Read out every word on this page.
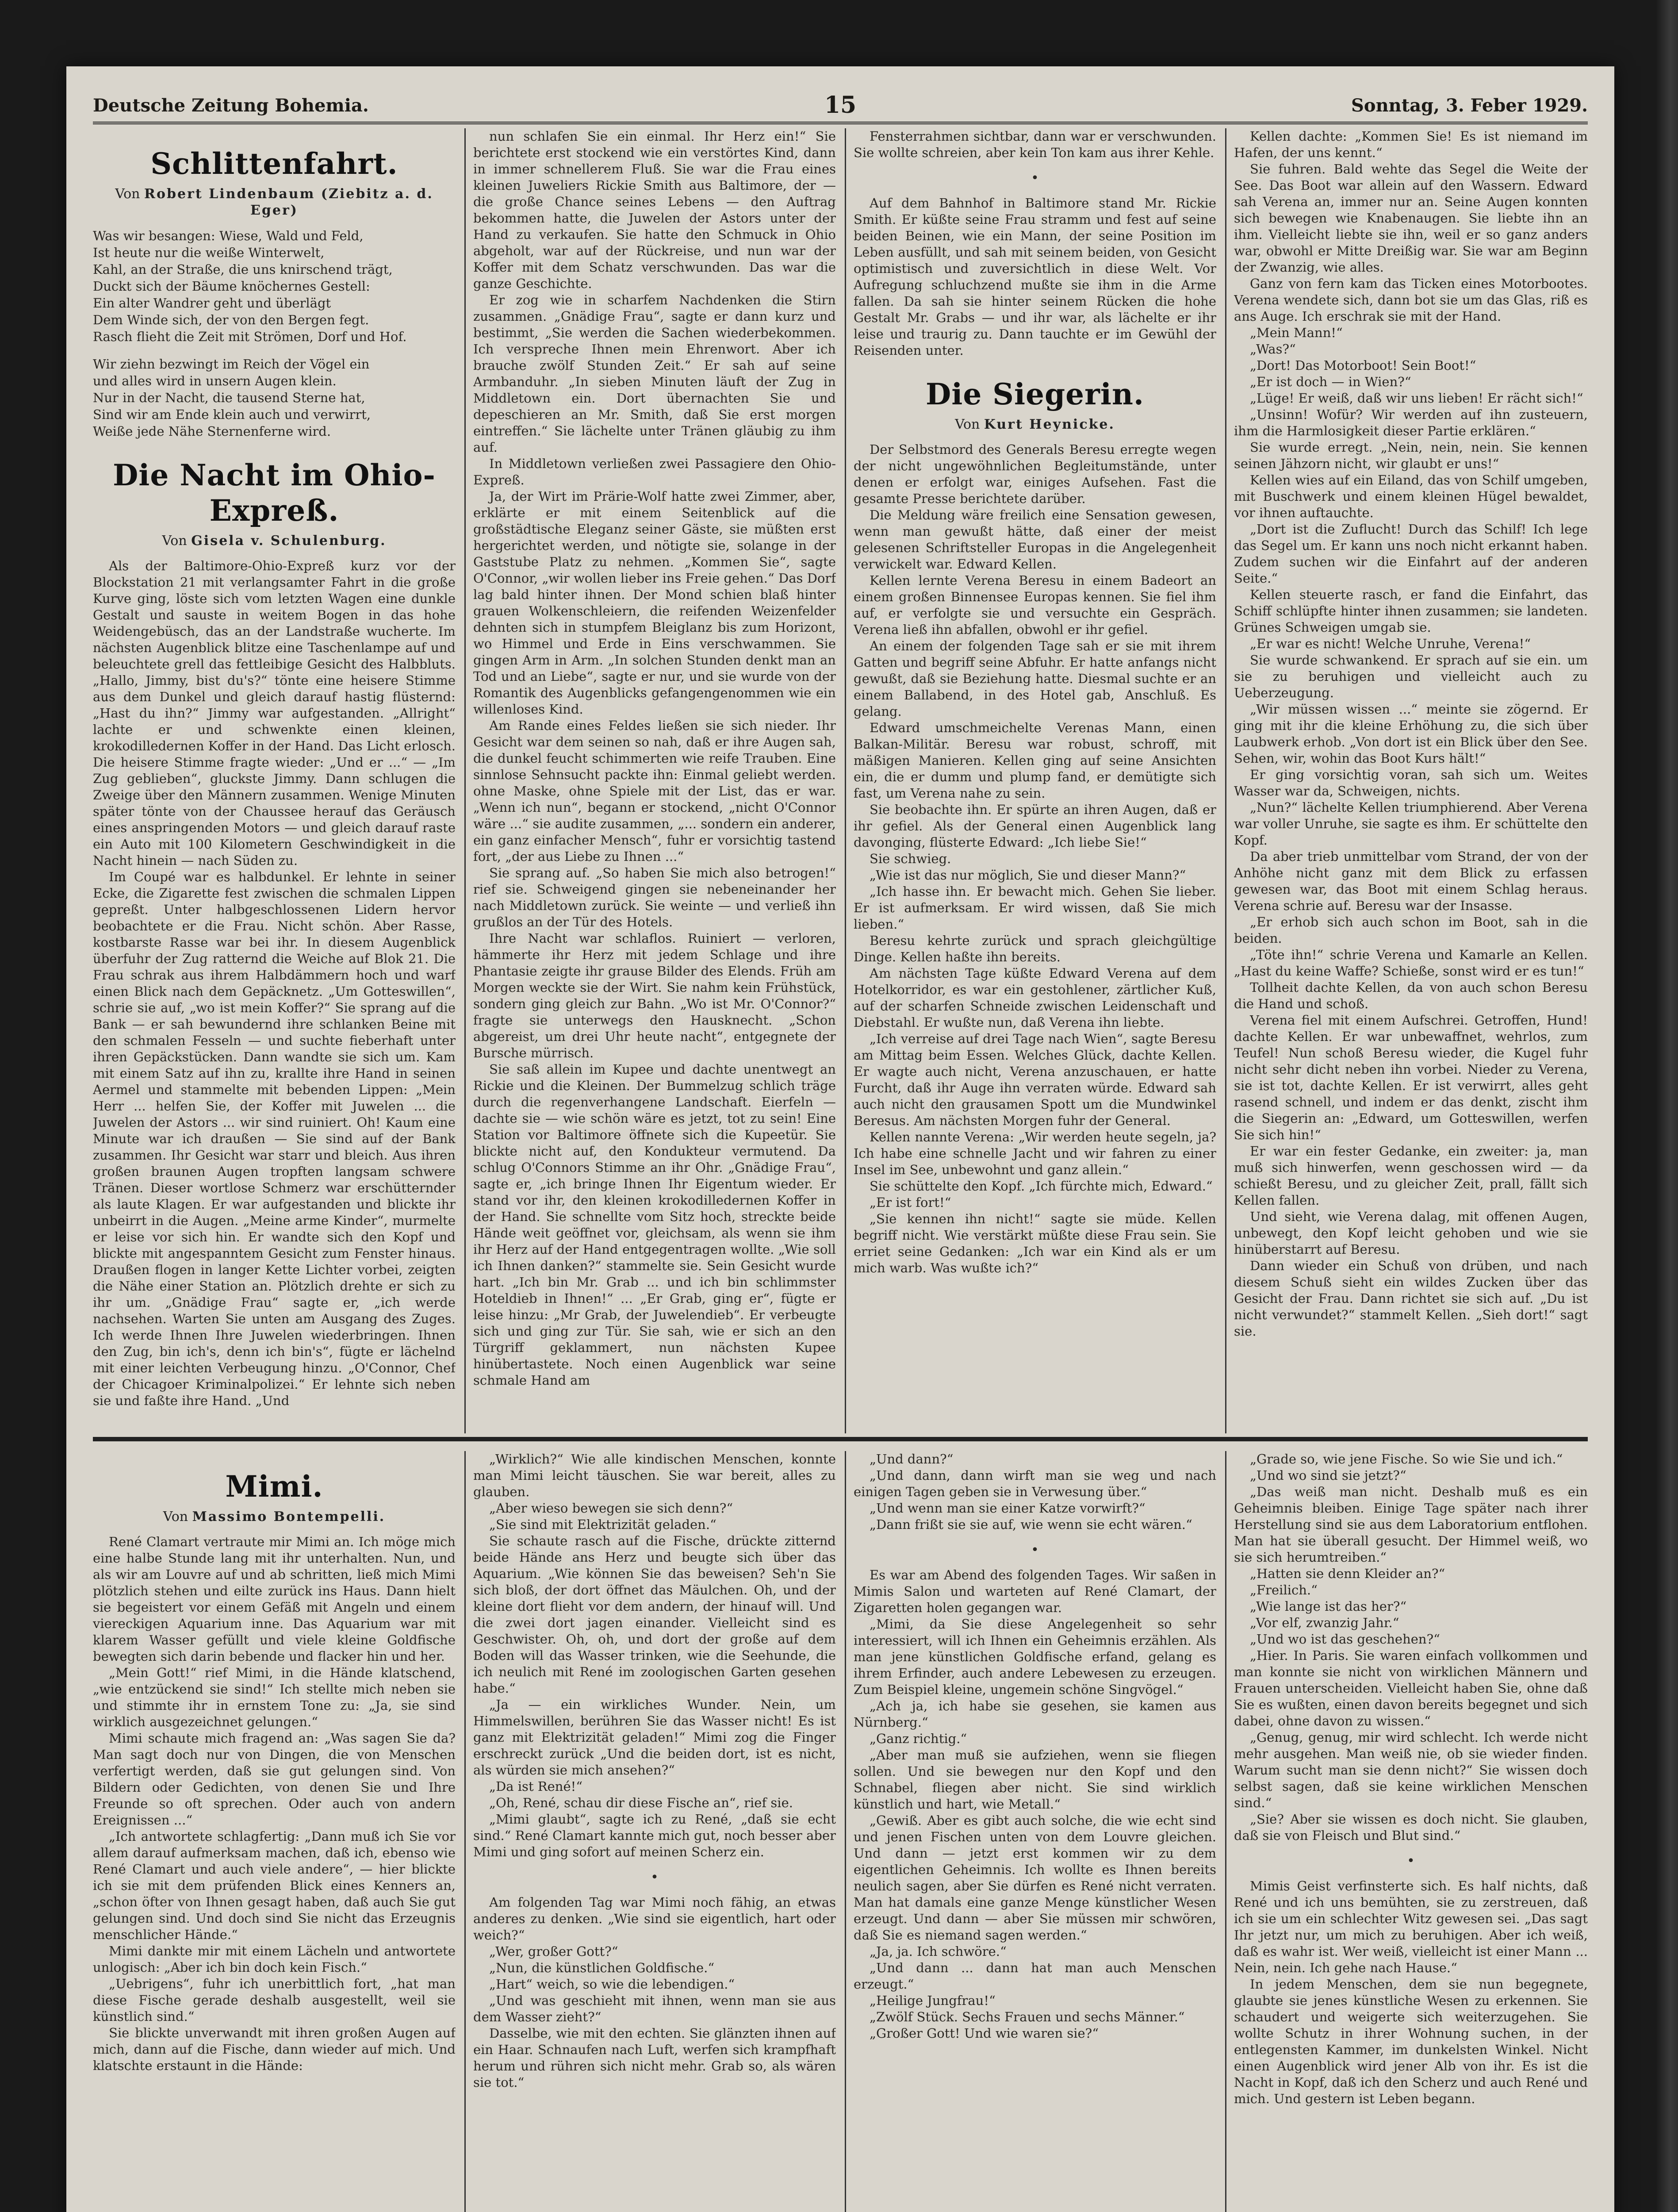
Deutsche Zeitung Bohemia.	15	Sonntag, 3. Feber 1929.
Schlittenfahrt.
Von Robert Lindenbaum (Ziebitz a. d. Eger)
Was wir besangen: Wiese, Wald und Feld,
Ist heute nur die weiße Winterwelt,
Kahl, an der Straße, die uns knirschend trägt,
Duckt sich der Bäume knöchernes Gestell:
Ein alter Wandrer geht und überlägt
Dem Winde sich, der von den Bergen fegt.
Rasch flieht die Zeit mit Strömen, Dorf und Hof.
Wir ziehn bezwingt im Reich der Vögel ein
und alles wird in unsern Augen klein.
Nur in der Nacht, die tausend Sterne hat,
Sind wir am Ende klein auch und verwirrt,
Weiße jede Nähe Sternenferne wird.
Die Nacht im Ohio-Expreß.
Von Gisela v. Schulenburg.

Als der Baltimore-Ohio-Expreß kurz vor der Blockstation 21 mit verlangsamter Fahrt in die große Kurve ging, löste sich vom letzten Wagen eine dunkle Gestalt und sauste in weitem Bogen in das hohe Weidengebüsch, das an der Landstraße wucherte. Im nächsten Augenblick blitze eine Taschenlampe auf und beleuchtete grell das fettleibige Gesicht des Halbbluts. „Hallo, Jimmy, bist du's?“ tönte eine heisere Stimme aus dem Dunkel und gleich darauf hastig flüsternd: „Hast du ihn?“ Jimmy war aufgestanden. „Allright“ lachte er und schwenkte einen kleinen, krokodilledernen Koffer in der Hand. Das Licht erlosch. Die heisere Stimme fragte wieder: „Und er ...“ — „Im Zug geblieben“, gluckste Jimmy. Dann schlugen die Zweige über den Männern zusammen. Wenige Minuten später tönte von der Chaussee herauf das Geräusch eines anspringenden Motors — und gleich darauf raste ein Auto mit 100 Kilometern Geschwindigkeit in die Nacht hinein — nach Süden zu.

Im Coupé war es halbdunkel. Er lehnte in seiner Ecke, die Zigarette fest zwischen die schmalen Lippen gepreßt. Unter halbgeschlossenen Lidern hervor beobachtete er die Frau. Nicht schön. Aber Rasse, kostbarste Rasse war bei ihr. In diesem Augenblick überfuhr der Zug ratternd die Weiche auf Blok 21. Die Frau schrak aus ihrem Halbdämmern hoch und warf einen Blick nach dem Gepäcknetz. „Um Gotteswillen“, schrie sie auf, „wo ist mein Koffer?“ Sie sprang auf die Bank — er sah bewundernd ihre schlanken Beine mit den schmalen Fesseln — und suchte fieberhaft unter ihren Gepäckstücken. Dann wandte sie sich um. Kam mit einem Satz auf ihn zu, krallte ihre Hand in seinen Aermel und stammelte mit bebenden Lippen: „Mein Herr ... helfen Sie, der Koffer mit Juwelen ... die Juwelen der Astors ... wir sind ruiniert. Oh! Kaum eine Minute war ich draußen — Sie sind auf der Bank zusammen. Ihr Gesicht war starr und bleich. Aus ihren großen braunen Augen tropften langsam schwere Tränen. Dieser wortlose Schmerz war erschütternder als laute Klagen. Er war aufgestanden und blickte ihr unbeirrt in die Augen. „Meine arme Kinder“, murmelte er leise vor sich hin. Er wandte sich den Kopf und blickte mit angespanntem Gesicht zum Fenster hinaus. Draußen flogen in langer Kette Lichter vorbei, zeigten die Nähe einer Station an. Plötzlich drehte er sich zu ihr um. „Gnädige Frau“ sagte er, „ich werde nachsehen. Warten Sie unten am Ausgang des Zuges. Ich werde Ihnen Ihre Juwelen wiederbringen. Ihnen den Zug, bin ich's, denn ich bin's“, fügte er lächelnd mit einer leichten Verbeugung hinzu. „O'Connor, Chef der Chicagoer Kriminalpolizei.“ Er lehnte sich neben sie und faßte ihre Hand. „Und

nun schlafen Sie ein einmal. Ihr Herz ein!“ Sie berichtete erst stockend wie ein verstörtes Kind, dann in immer schnellerem Fluß. Sie war die Frau eines kleinen Juweliers Rickie Smith aus Baltimore, der — die große Chance seines Lebens — den Auftrag bekommen hatte, die Juwelen der Astors unter der Hand zu verkaufen. Sie hatte den Schmuck in Ohio abgeholt, war auf der Rückreise, und nun war der Koffer mit dem Schatz verschwunden. Das war die ganze Geschichte.

Er zog wie in scharfem Nachdenken die Stirn zusammen. „Gnädige Frau“, sagte er dann kurz und bestimmt, „Sie werden die Sachen wiederbekommen. Ich verspreche Ihnen mein Ehrenwort. Aber ich brauche zwölf Stunden Zeit.“ Er sah auf seine Armbanduhr. „In sieben Minuten läuft der Zug in Middletown ein. Dort übernachten Sie und depeschieren an Mr. Smith, daß Sie erst morgen eintreffen.“ Sie lächelte unter Tränen gläubig zu ihm auf.

In Middletown verließen zwei Passagiere den Ohio-Expreß.

Ja, der Wirt im Prärie-Wolf hatte zwei Zimmer, aber, erklärte er mit einem Seitenblick auf die großstädtische Eleganz seiner Gäste, sie müßten erst hergerichtet werden, und nötigte sie, solange in der Gaststube Platz zu nehmen. „Kommen Sie“, sagte O'Connor, „wir wollen lieber ins Freie gehen.“ Das Dorf lag bald hinter ihnen. Der Mond schien blaß hinter grauen Wolkenschleiern, die reifenden Weizenfelder dehnten sich in stumpfem Bleiglanz bis zum Horizont, wo Himmel und Erde in Eins verschwammen. Sie gingen Arm in Arm. „In solchen Stunden denkt man an Tod und an Liebe“, sagte er nur, und sie wurde von der Romantik des Augenblicks gefangengenommen wie ein willenloses Kind.

Am Rande eines Feldes ließen sie sich nieder. Ihr Gesicht war dem seinen so nah, daß er ihre Augen sah, die dunkel feucht schimmerten wie reife Trauben. Eine sinnlose Sehnsucht packte ihn: Einmal geliebt werden. ohne Maske, ohne Spiele mit der List, das er war. „Wenn ich nun“, begann er stockend, „nicht O'Connor wäre ...“ sie audite zusammen, „... sondern ein anderer, ein ganz einfacher Mensch“, fuhr er vorsichtig tastend fort, „der aus Liebe zu Ihnen ...“

Sie sprang auf. „So haben Sie mich also betrogen!“ rief sie. Schweigend gingen sie nebeneinander her nach Middletown zurück. Sie weinte — und verließ ihn grußlos an der Tür des Hotels.

Ihre Nacht war schlaflos. Ruiniert — verloren, hämmerte ihr Herz mit jedem Schlage und ihre Phantasie zeigte ihr grause Bilder des Elends. Früh am Morgen weckte sie der Wirt. Sie nahm kein Frühstück, sondern ging gleich zur Bahn. „Wo ist Mr. O'Connor?“ fragte sie unterwegs den Hausknecht. „Schon abgereist, um drei Uhr heute nacht“, entgegnete der Bursche mürrisch.

Sie saß allein im Kupee und dachte unentwegt an Rickie und die Kleinen. Der Bummelzug schlich träge durch die regenverhangene Landschaft. Eierfeln — dachte sie — wie schön wäre es jetzt, tot zu sein! Eine Station vor Baltimore öffnete sich die Kupeetür. Sie blickte nicht auf, den Kondukteur vermutend. Da schlug O'Connors Stimme an ihr Ohr. „Gnädige Frau“, sagte er, „ich bringe Ihnen Ihr Eigentum wieder. Er stand vor ihr, den kleinen krokodilledernen Koffer in der Hand. Sie schnellte vom Sitz hoch, streckte beide Hände weit geöffnet vor, gleichsam, als wenn sie ihm ihr Herz auf der Hand entgegentragen wollte. „Wie soll ich Ihnen danken?“ stammelte sie. Sein Gesicht wurde hart. „Ich bin Mr. Grab ... und ich bin schlimmster Hoteldieb in Ihnen!“ ... „Er Grab, ging er“, fügte er leise hinzu: „Mr Grab, der Juwelendieb“. Er verbeugte sich und ging zur Tür. Sie sah, wie er sich an den Türgriff geklammert, nun nächsten Kupee hinübertastete. Noch einen Augenblick war seine schmale Hand am

Fensterrahmen sichtbar, dann war er verschwunden. Sie wollte schreien, aber kein Ton kam aus ihrer Kehle.

•

Auf dem Bahnhof in Baltimore stand Mr. Rickie Smith. Er küßte seine Frau stramm und fest auf seine beiden Beinen, wie ein Mann, der seine Position im Leben ausfüllt, und sah mit seinem beiden, von Gesicht optimistisch und zuversichtlich in diese Welt. Vor Aufregung schluchzend mußte sie ihm in die Arme fallen. Da sah sie hinter seinem Rücken die hohe Gestalt Mr. Grabs — und ihr war, als lächelte er ihr leise und traurig zu. Dann tauchte er im Gewühl der Reisenden unter.

Die Siegerin.
Von Kurt Heynicke.

Der Selbstmord des Generals Beresu erregte wegen der nicht ungewöhnlichen Begleitumstände, unter denen er erfolgt war, einiges Aufsehen. Fast die gesamte Presse berichtete darüber.

Die Meldung wäre freilich eine Sensation gewesen, wenn man gewußt hätte, daß einer der meist gelesenen Schriftsteller Europas in die Angelegenheit verwickelt war. Edward Kellen.

Kellen lernte Verena Beresu in einem Badeort an einem großen Binnensee Europas kennen. Sie fiel ihm auf, er verfolgte sie und versuchte ein Gespräch. Verena ließ ihn abfallen, obwohl er ihr gefiel.

An einem der folgenden Tage sah er sie mit ihrem Gatten und begriff seine Abfuhr. Er hatte anfangs nicht gewußt, daß sie Beziehung hatte. Diesmal suchte er an einem Ballabend, in des Hotel gab, Anschluß. Es gelang.

Edward umschmeichelte Verenas Mann, einen Balkan-Militär. Beresu war robust, schroff, mit mäßigen Manieren. Kellen ging auf seine Ansichten ein, die er dumm und plump fand, er demütigte sich fast, um Verena nahe zu sein.

Sie beobachte ihn. Er spürte an ihren Augen, daß er ihr gefiel. Als der General einen Augenblick lang davonging, flüsterte Edward: „Ich liebe Sie!“

Sie schwieg.

„Wie ist das nur möglich, Sie und dieser Mann?“

„Ich hasse ihn. Er bewacht mich. Gehen Sie lieber. Er ist aufmerksam. Er wird wissen, daß Sie mich lieben.“

Beresu kehrte zurück und sprach gleichgültige Dinge. Kellen haßte ihn bereits.

Am nächsten Tage küßte Edward Verena auf dem Hotelkorridor, es war ein gestohlener, zärtlicher Kuß, auf der scharfen Schneide zwischen Leidenschaft und Diebstahl. Er wußte nun, daß Verena ihn liebte.

„Ich verreise auf drei Tage nach Wien“, sagte Beresu am Mittag beim Essen. Welches Glück, dachte Kellen. Er wagte auch nicht, Verena anzuschauen, er hatte Furcht, daß ihr Auge ihn verraten würde. Edward sah auch nicht den grausamen Spott um die Mundwinkel Beresus. Am nächsten Morgen fuhr der General.

Kellen nannte Verena: „Wir werden heute segeln, ja? Ich habe eine schnelle Jacht und wir fahren zu einer Insel im See, unbewohnt und ganz allein.“

Sie schüttelte den Kopf. „Ich fürchte mich, Edward.“

„Er ist fort!“

„Sie kennen ihn nicht!“ sagte sie müde. Kellen begriff nicht. Wie verstärkt müßte diese Frau sein. Sie erriet seine Gedanken: „Ich war ein Kind als er um mich warb. Was wußte ich?“

Kellen dachte: „Kommen Sie! Es ist niemand im Hafen, der uns kennt.“

Sie fuhren. Bald wehte das Segel die Weite der See. Das Boot war allein auf den Wassern. Edward sah Verena an, immer nur an. Seine Augen konnten sich bewegen wie Knabenaugen. Sie liebte ihn an ihm. Vielleicht liebte sie ihn, weil er so ganz anders war, obwohl er Mitte Dreißig war. Sie war am Beginn der Zwanzig, wie alles.

Ganz von fern kam das Ticken eines Motorbootes. Verena wendete sich, dann bot sie um das Glas, riß es ans Auge. Ich erschrak sie mit der Hand.

„Mein Mann!“

„Was?“

„Dort! Das Motorboot! Sein Boot!“

„Er ist doch — in Wien?“

„Lüge! Er weiß, daß wir uns lieben! Er rächt sich!“

„Unsinn! Wofür? Wir werden auf ihn zusteuern, ihm die Harmlosigkeit dieser Partie erklären.“

Sie wurde erregt. „Nein, nein, nein. Sie kennen seinen Jähzorn nicht, wir glaubt er uns!“

Kellen wies auf ein Eiland, das von Schilf umgeben, mit Buschwerk und einem kleinen Hügel bewaldet, vor ihnen auftauchte.

„Dort ist die Zuflucht! Durch das Schilf! Ich lege das Segel um. Er kann uns noch nicht erkannt haben. Zudem suchen wir die Einfahrt auf der anderen Seite.“

Kellen steuerte rasch, er fand die Einfahrt, das Schiff schlüpfte hinter ihnen zusammen; sie landeten. Grünes Schweigen umgab sie.

„Er war es nicht! Welche Unruhe, Verena!“

Sie wurde schwankend. Er sprach auf sie ein. um sie zu beruhigen und vielleicht auch zu Ueberzeugung.

„Wir müssen wissen ...“ meinte sie zögernd. Er ging mit ihr die kleine Erhöhung zu, die sich über Laubwerk erhob. „Von dort ist ein Blick über den See. Sehen, wir, wohin das Boot Kurs hält!“

Er ging vorsichtig voran, sah sich um. Weites Wasser war da, Schweigen, nichts.

„Nun?“ lächelte Kellen triumphierend. Aber Verena war voller Unruhe, sie sagte es ihm. Er schüttelte den Kopf.

Da aber trieb unmittelbar vom Strand, der von der Anhöhe nicht ganz mit dem Blick zu erfassen gewesen war, das Boot mit einem Schlag heraus. Verena schrie auf. Beresu war der Insasse.

„Er erhob sich auch schon im Boot, sah in die beiden.

„Töte ihn!“ schrie Verena und Kamarle an Kellen. „Hast du keine Waffe? Schieße, sonst wird er es tun!“

Tollheit dachte Kellen, da von auch schon Beresu die Hand und schoß.

Verena fiel mit einem Aufschrei. Getroffen, Hund! dachte Kellen. Er war unbewaffnet, wehrlos, zum Teufel! Nun schoß Beresu wieder, die Kugel fuhr nicht sehr dicht neben ihn vorbei. Nieder zu Verena, sie ist tot, dachte Kellen. Er ist verwirrt, alles geht rasend schnell, und indem er das denkt, zischt ihm die Siegerin an: „Edward, um Gotteswillen, werfen Sie sich hin!“

Er war ein fester Gedanke, ein zweiter: ja, man muß sich hinwerfen, wenn geschossen wird — da schießt Beresu, und zu gleicher Zeit, prall, fällt sich Kellen fallen.

Und sieht, wie Verena dalag, mit offenen Augen, unbewegt, den Kopf leicht gehoben und wie sie hinüberstarrt auf Beresu.

Dann wieder ein Schuß von drüben, und nach diesem Schuß sieht ein wildes Zucken über das Gesicht der Frau. Dann richtet sie sich auf. „Du ist nicht verwundet?“ stammelt Kellen. „Sieh dort!“ sagt sie.

Mimi.
Von Massimo Bontempelli.

René Clamart vertraute mir Mimi an. Ich möge mich eine halbe Stunde lang mit ihr unterhalten. Nun, und als wir am Louvre auf und ab schritten, ließ mich Mimi plötzlich stehen und eilte zurück ins Haus. Dann hielt sie begeistert vor einem Gefäß mit Angeln und einem viereckigen Aquarium inne. Das Aquarium war mit klarem Wasser gefüllt und viele kleine Goldfische bewegten sich darin bebende und flacker hin und her.

„Mein Gott!“ rief Mimi, in die Hände klatschend, „wie entzückend sie sind!“ Ich stellte mich neben sie und stimmte ihr in ernstem Tone zu: „Ja, sie sind wirklich ausgezeichnet gelungen.“

Mimi schaute mich fragend an: „Was sagen Sie da? Man sagt doch nur von Dingen, die von Menschen verfertigt werden, daß sie gut gelungen sind. Von Bildern oder Gedichten, von denen Sie und Ihre Freunde so oft sprechen. Oder auch von andern Ereignissen ...“

„Ich antwortete schlagfertig: „Dann muß ich Sie vor allem darauf aufmerksam machen, daß ich, ebenso wie René Clamart und auch viele andere“, — hier blickte ich sie mit dem prüfenden Blick eines Kenners an, „schon öfter von Ihnen gesagt haben, daß auch Sie gut gelungen sind. Und doch sind Sie nicht das Erzeugnis menschlicher Hände.“

Mimi dankte mir mit einem Lächeln und antwortete unlogisch: „Aber ich bin doch kein Fisch.“

„Uebrigens“, fuhr ich unerbittlich fort, „hat man diese Fische gerade deshalb ausgestellt, weil sie künstlich sind.“

Sie blickte unverwandt mit ihren großen Augen auf mich, dann auf die Fische, dann wieder auf mich. Und klatschte erstaunt in die Hände:

„Wirklich?“ Wie alle kindischen Menschen, konnte man Mimi leicht täuschen. Sie war bereit, alles zu glauben.

„Aber wieso bewegen sie sich denn?“

„Sie sind mit Elektrizität geladen.“

Sie schaute rasch auf die Fische, drückte zitternd beide Hände ans Herz und beugte sich über das Aquarium. „Wie können Sie das beweisen? Seh'n Sie sich bloß, der dort öffnet das Mäulchen. Oh, und der kleine dort flieht vor dem andern, der hinauf will. Und die zwei dort jagen einander. Vielleicht sind es Geschwister. Oh, oh, und dort der große auf dem Boden will das Wasser trinken, wie die Seehunde, die ich neulich mit René im zoologischen Garten gesehen habe.“

„Ja — ein wirkliches Wunder. Nein, um Himmelswillen, berühren Sie das Wasser nicht! Es ist ganz mit Elektrizität geladen!“ Mimi zog die Finger erschreckt zurück „Und die beiden dort, ist es nicht, als würden sie mich ansehen?“

„Da ist René!“

„Oh, René, schau dir diese Fische an“, rief sie.

„Mimi glaubt“, sagte ich zu René, „daß sie echt sind.“ René Clamart kannte mich gut, noch besser aber Mimi und ging sofort auf meinen Scherz ein.

•

Am folgenden Tag war Mimi noch fähig, an etwas anderes zu denken. „Wie sind sie eigentlich, hart oder weich?“

„Wer, großer Gott?“

„Nun, die künstlichen Goldfische.“

„Hart“ weich, so wie die lebendigen.“

„Und was geschieht mit ihnen, wenn man sie aus dem Wasser zieht?“

Dasselbe, wie mit den echten. Sie glänzten ihnen auf ein Haar. Schnaufen nach Luft, werfen sich krampfhaft herum und rühren sich nicht mehr. Grab so, als wären sie tot.“

„Und dann?“

„Und dann, dann wirft man sie weg und nach einigen Tagen geben sie in Verwesung über.“

„Und wenn man sie einer Katze vorwirft?“

„Dann frißt sie sie auf, wie wenn sie echt wären.“

•

Es war am Abend des folgenden Tages. Wir saßen in Mimis Salon und warteten auf René Clamart, der Zigaretten holen gegangen war.

„Mimi, da Sie diese Angelegenheit so sehr interessiert, will ich Ihnen ein Geheimnis erzählen. Als man jene künstlichen Goldfische erfand, gelang es ihrem Erfinder, auch andere Lebewesen zu erzeugen. Zum Beispiel kleine, ungemein schöne Singvögel.“

„Ach ja, ich habe sie gesehen, sie kamen aus Nürnberg.“

„Ganz richtig.“

„Aber man muß sie aufziehen, wenn sie fliegen sollen. Und sie bewegen nur den Kopf und den Schnabel, fliegen aber nicht. Sie sind wirklich künstlich und hart, wie Metall.“

„Gewiß. Aber es gibt auch solche, die wie echt sind und jenen Fischen unten von dem Louvre gleichen. Und dann — jetzt erst kommen wir zu dem eigentlichen Geheimnis. Ich wollte es Ihnen bereits neulich sagen, aber Sie dürfen es René nicht verraten. Man hat damals eine ganze Menge künstlicher Wesen erzeugt. Und dann — aber Sie müssen mir schwören, daß Sie es niemand sagen werden.“

„Ja, ja. Ich schwöre.“

„Und dann ... dann hat man auch Menschen erzeugt.“

„Heilige Jungfrau!“

„Zwölf Stück. Sechs Frauen und sechs Männer.“

„Großer Gott! Und wie waren sie?“

„Grade so, wie jene Fische. So wie Sie und ich.“

„Und wo sind sie jetzt?“

„Das weiß man nicht. Deshalb muß es ein Geheimnis bleiben. Einige Tage später nach ihrer Herstellung sind sie aus dem Laboratorium entflohen. Man hat sie überall gesucht. Der Himmel weiß, wo sie sich herumtreiben.“

„Hatten sie denn Kleider an?“

„Freilich.“

„Wie lange ist das her?“

„Vor elf, zwanzig Jahr.“

„Und wo ist das geschehen?“

„Hier. In Paris. Sie waren einfach vollkommen und man konnte sie nicht von wirklichen Männern und Frauen unterscheiden. Vielleicht haben Sie, ohne daß Sie es wußten, einen davon bereits begegnet und sich dabei, ohne davon zu wissen.“

„Genug, genug, mir wird schlecht. Ich werde nicht mehr ausgehen. Man weiß nie, ob sie wieder finden. Warum sucht man sie denn nicht?“ Sie wissen doch selbst sagen, daß sie keine wirklichen Menschen sind.“

„Sie? Aber sie wissen es doch nicht. Sie glauben, daß sie von Fleisch und Blut sind.“

•

Mimis Geist verfinsterte sich. Es half nichts, daß René und ich uns bemühten, sie zu zerstreuen, daß ich sie um ein schlechter Witz gewesen sei. „Das sagt Ihr jetzt nur, um mich zu beruhigen. Aber ich weiß, daß es wahr ist. Wer weiß, vielleicht ist einer Mann ... Nein, nein. Ich gehe nach Hause.“

In jedem Menschen, dem sie nun begegnete, glaubte sie jenes künstliche Wesen zu erkennen. Sie schaudert und weigerte sich weiterzugehen. Sie wollte Schutz in ihrer Wohnung suchen, in der entlegensten Kammer, im dunkelsten Winkel. Nicht einen Augenblick wird jener Alb von ihr. Es ist die Nacht in Kopf, daß ich den Scherz und auch René und mich. Und gestern ist Leben begann.
